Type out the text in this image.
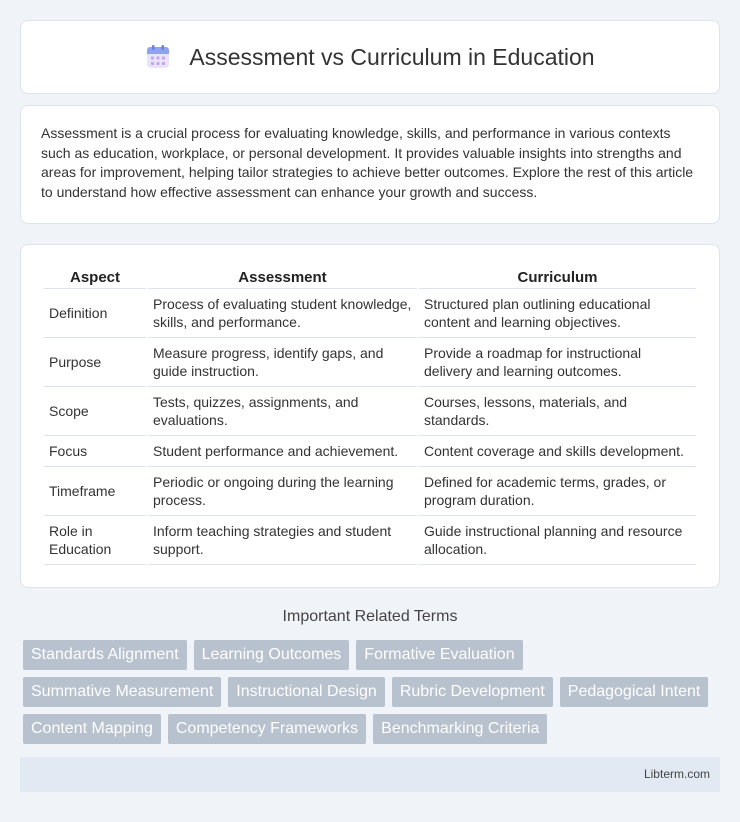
Assessment vs Curriculum in Education

Assessment is a crucial process for evaluating knowledge, skills, and performance in various contexts such as education, workplace, or personal development. It provides valuable insights into strengths and areas for improvement, helping tailor strategies to achieve better outcomes. Explore the rest of this article to understand how effective assessment can enhance your growth and success.

Aspect	Assessment	Curriculum
Definition	Process of evaluating student knowledge, skills, and performance.	Structured plan outlining educational content and learning objectives.
Purpose	Measure progress, identify gaps, and guide instruction.	Provide a roadmap for instructional delivery and learning outcomes.
Scope	Tests, quizzes, assignments, and evaluations.	Courses, lessons, materials, and standards.
Focus	Student performance and achievement.	Content coverage and skills development.
Timeframe	Periodic or ongoing during the learning process.	Defined for academic terms, grades, or program duration.
Role in Education	Inform teaching strategies and student support.	Guide instructional planning and resource allocation.
Important Related Terms
Standards Alignment	Learning Outcomes	Formative Evaluation
Summative Measurement	Instructional Design	Rubric Development	Pedagogical Intent
Content Mapping	Competency Frameworks	Benchmarking Criteria
Libterm.com
